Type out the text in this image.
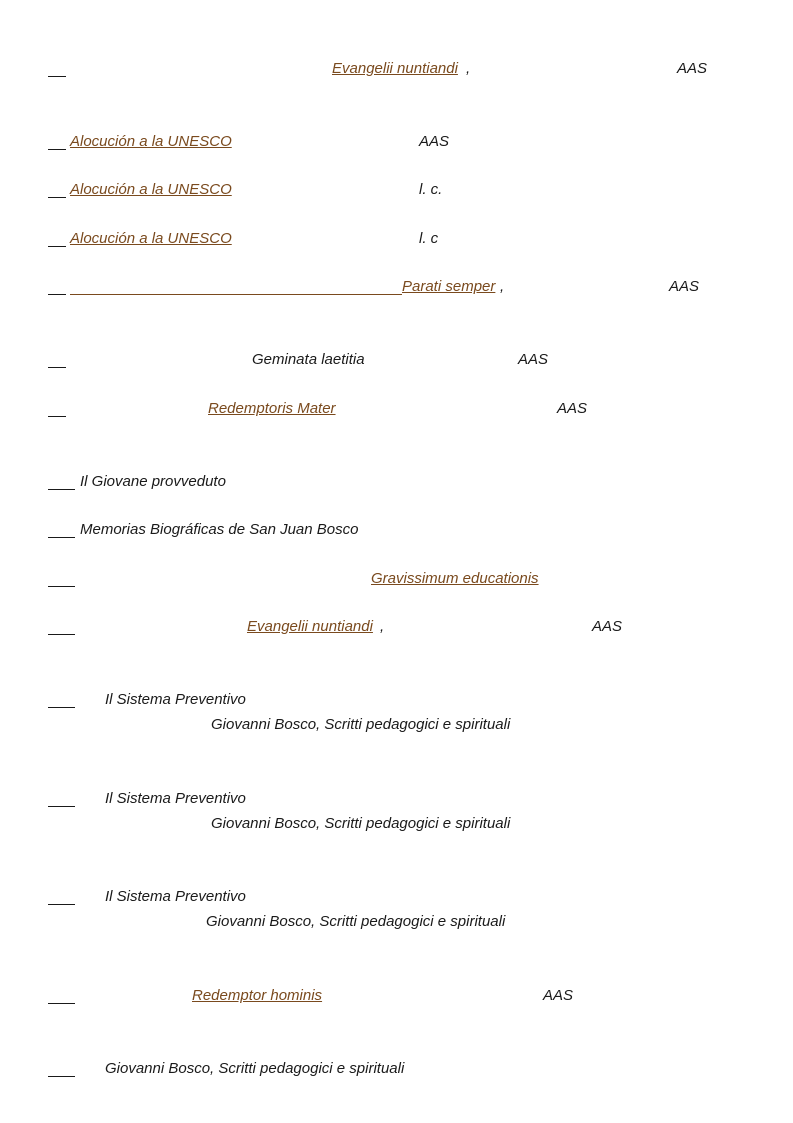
Evangelii nuntiandi ,	AAS
Alocución a la UNESCO	AAS
Alocución a la UNESCO	l. c.
Alocución a la UNESCO	l. c
Parati semper ,	AAS
Geminata laetitia	AAS
Redemptoris Mater	AAS
Il Giovane provveduto
Memorias Biográficas de San Juan Bosco
Gravissimum educationis
Evangelii nuntiandi ,	AAS
Il Sistema Preventivo
Giovanni Bosco, Scritti pedagogici e spirituali
Il Sistema Preventivo
Giovanni Bosco, Scritti pedagogici e spirituali
Il Sistema Preventivo
Giovanni Bosco, Scritti pedagogici e spirituali
Redemptor hominis	AAS
Giovanni Bosco, Scritti pedagogici e spirituali
